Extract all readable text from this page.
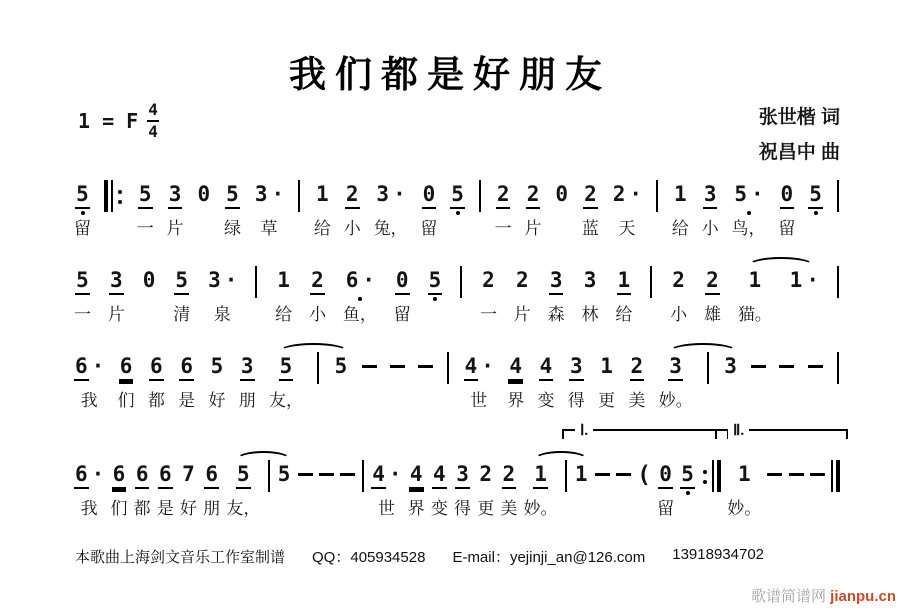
我们都是好朋友
1 = F $\frac{4}{4}$	张世楷 词
祝昌中 曲
5
留
5
一
3
片
0
5
绿
3 ·
草
1
给
2
小
3 ·
兔，
0
留
5
2
一
2
片
0
2
蓝
2 ·
天
1
给
3
小
5 ·
鸟，
0
留
5

5
一
3
片
0
5
清
3 ·
泉
1
给
2
小
6 ·
鱼，
0
留
5
2
一
2
片
3
森
3
林
1
给
2
小
2
雄
1
猫。
1 ·

6 ·
我
6
们
6
都
6
是
5
好
3
朋
5
友，
5
	4 ·
世
4
界
4
变
3
得
1
更
2
美
3
妙。
3

6 ·
我
6
们
6
都
6
是
7
好
6
朋
5
友，
5
	4 ·
世
4
界
4
变
3
得
2
更
2
美
1
妙。
1
( 0
留
5
1
妙。
Ⅰ.	Ⅱ.
本歌曲上海剑文音乐工作室制谱 QQ：405934528 E-mail：yejinji_an@126.com 13918934702
歌谱简谱网 jianpu.cn
